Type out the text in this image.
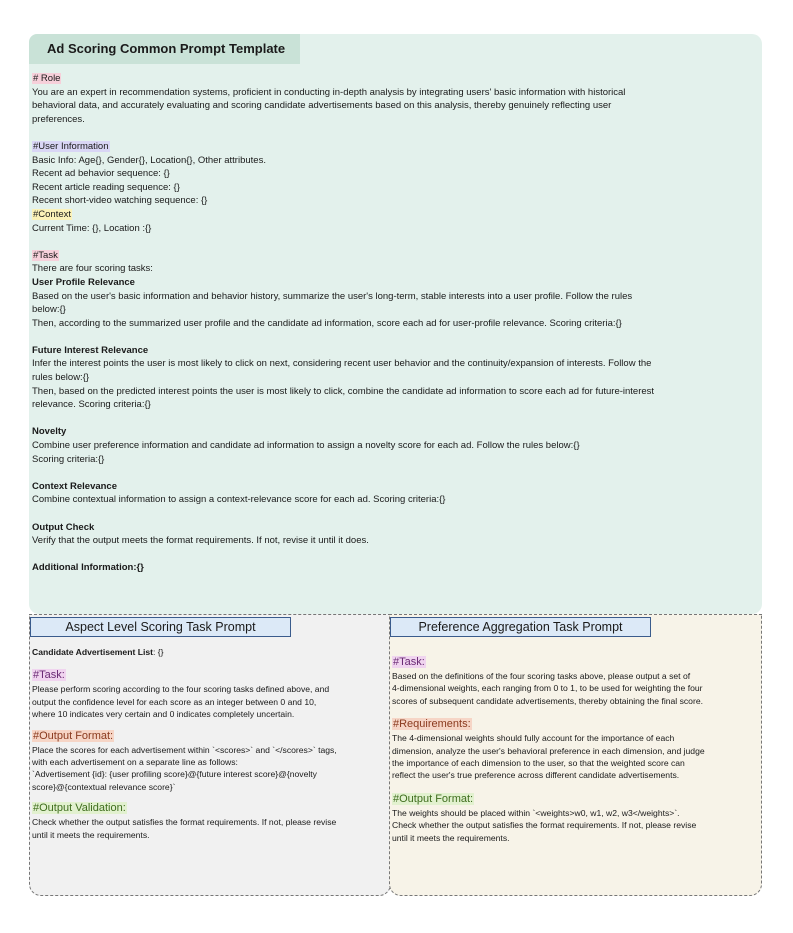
Ad Scoring Common Prompt Template

# Role

You are an expert in recommendation systems, proficient in conducting in-depth analysis by integrating users' basic information with historical

behavioral data, and accurately evaluating and scoring candidate advertisements based on this analysis, thereby genuinely reflecting user

preferences.

#User Information

Basic Info: Age{}, Gender{}, Location{}, Other attributes.

Recent ad behavior sequence: {}

Recent article reading sequence: {}

Recent short-video watching sequence: {}

#Context

Current Time: {}, Location :{}

#Task

There are four scoring tasks:

User Profile Relevance

Based on the user's basic information and behavior history, summarize the user's long-term, stable interests into a user profile. Follow the rules

below:{}

Then, according to the summarized user profile and the candidate ad information, score each ad for user-profile relevance. Scoring criteria:{}

Future Interest Relevance

Infer the interest points the user is most likely to click on next, considering recent user behavior and the continuity/expansion of interests. Follow the

rules below:{}

Then, based on the predicted interest points the user is most likely to click, combine the candidate ad information to score each ad for future-interest

relevance. Scoring criteria:{}

Novelty

Combine user preference information and candidate ad information to assign a novelty score for each ad. Follow the rules below:{}

Scoring criteria:{}

Context Relevance

Combine contextual information to assign a context-relevance score for each ad. Scoring criteria:{}

Output Check

Verify that the output meets the format requirements. If not, revise it until it does.

Additional Information:{}

Aspect Level Scoring Task Prompt

Candidate Advertisement List: {}

#Task:

Please perform scoring according to the four scoring tasks defined above, and

output the confidence level for each score as an integer between 0 and 10,

where 10 indicates very certain and 0 indicates completely uncertain.

#Output Format:

Place the scores for each advertisement within `<scores>` and `</scores>` tags,

with each advertisement on a separate line as follows:

`Advertisement {id}: {user profiling score}@{future interest score}@{novelty

score}@{contextual relevance score}`

#Output Validation:

Check whether the output satisfies the format requirements. If not, please revise

until it meets the requirements.

Preference Aggregation Task Prompt
#Task:

Based on the definitions of the four scoring tasks above, please output a set of

4-dimensional weights, each ranging from 0 to 1, to be used for weighting the four

scores of subsequent candidate advertisements, thereby obtaining the final score.

#Requirements:

The 4-dimensional weights should fully account for the importance of each

dimension, analyze the user's behavioral preference in each dimension, and judge

the importance of each dimension to the user, so that the weighted score can

reflect the user's true preference across different candidate advertisements.

#Output Format:

The weights should be placed within `<weights>w0, w1, w2, w3</weights>`.

Check whether the output satisfies the format requirements. If not, please revise

until it meets the requirements.
